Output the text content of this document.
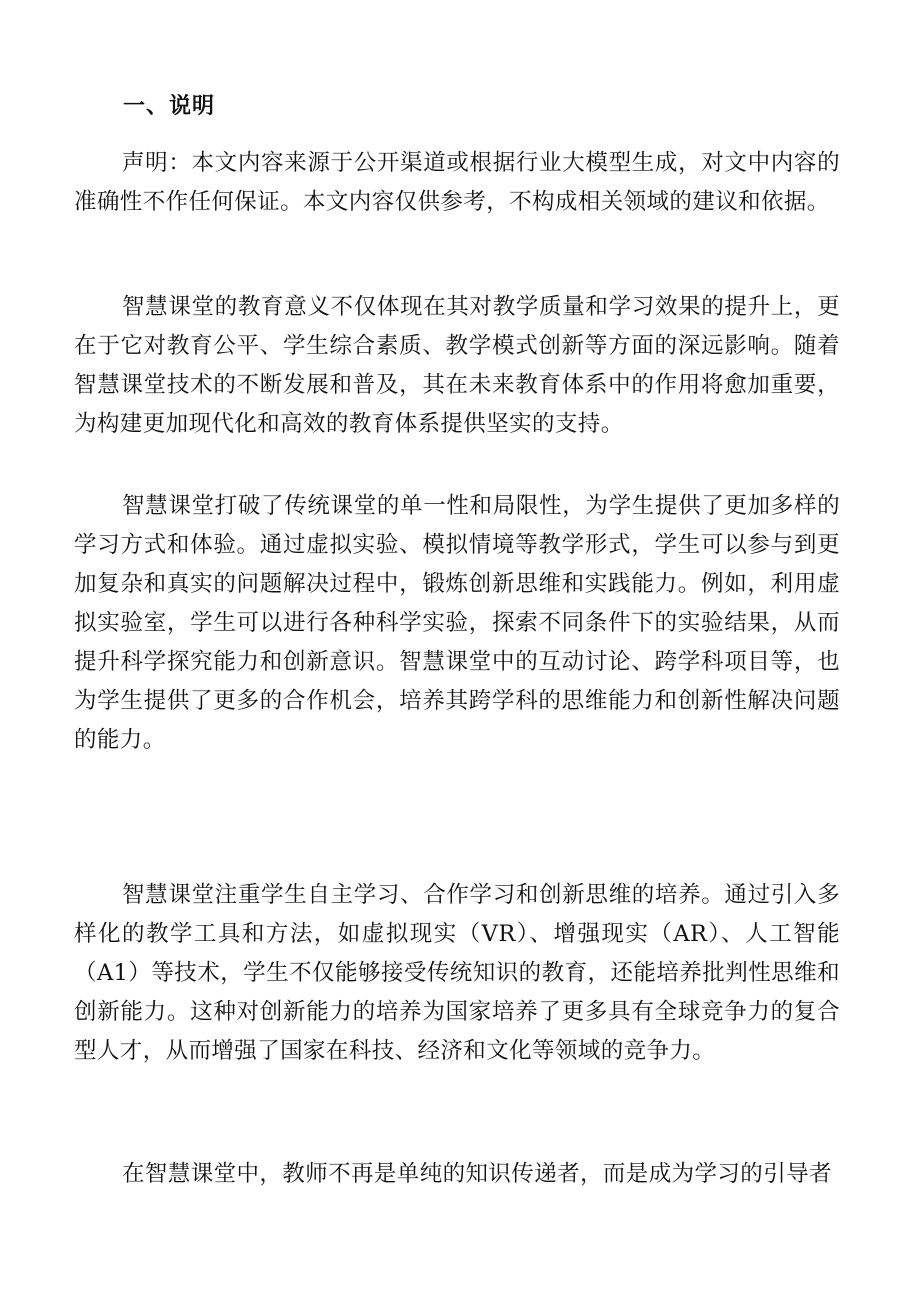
一、说明

声明：本文内容来源于公开渠道或根据行业大模型生成，对文中内容的准确性不作任何保证。本文内容仅供参考，不构成相关领域的建议和依据。

智慧课堂的教育意义不仅体现在其对教学质量和学习效果的提升上，更在于它对教育公平、学生综合素质、教学模式创新等方面的深远影响。随着智慧课堂技术的不断发展和普及，其在未来教育体系中的作用将愈加重要，为构建更加现代化和高效的教育体系提供坚实的支持。

智慧课堂打破了传统课堂的单一性和局限性，为学生提供了更加多样的学习方式和体验。通过虚拟实验、模拟情境等教学形式，学生可以参与到更加复杂和真实的问题解决过程中，锻炼创新思维和实践能力。例如，利用虚拟实验室，学生可以进行各种科学实验，探索不同条件下的实验结果，从而提升科学探究能力和创新意识。智慧课堂中的互动讨论、跨学科项目等，也为学生提供了更多的合作机会，培养其跨学科的思维能力和创新性解决问题的能力。

智慧课堂注重学生自主学习、合作学习和创新思维的培养。通过引入多样化的教学工具和方法，如虚拟现实（VR）、增强现实（AR）、人工智能（A1）等技术，学生不仅能够接受传统知识的教育，还能培养批判性思维和创新能力。这种对创新能力的培养为国家培养了更多具有全球竞争力的复合型人才，从而增强了国家在科技、经济和文化等领域的竞争力。

在智慧课堂中，教师不再是单纯的知识传递者，而是成为学习的引导者
